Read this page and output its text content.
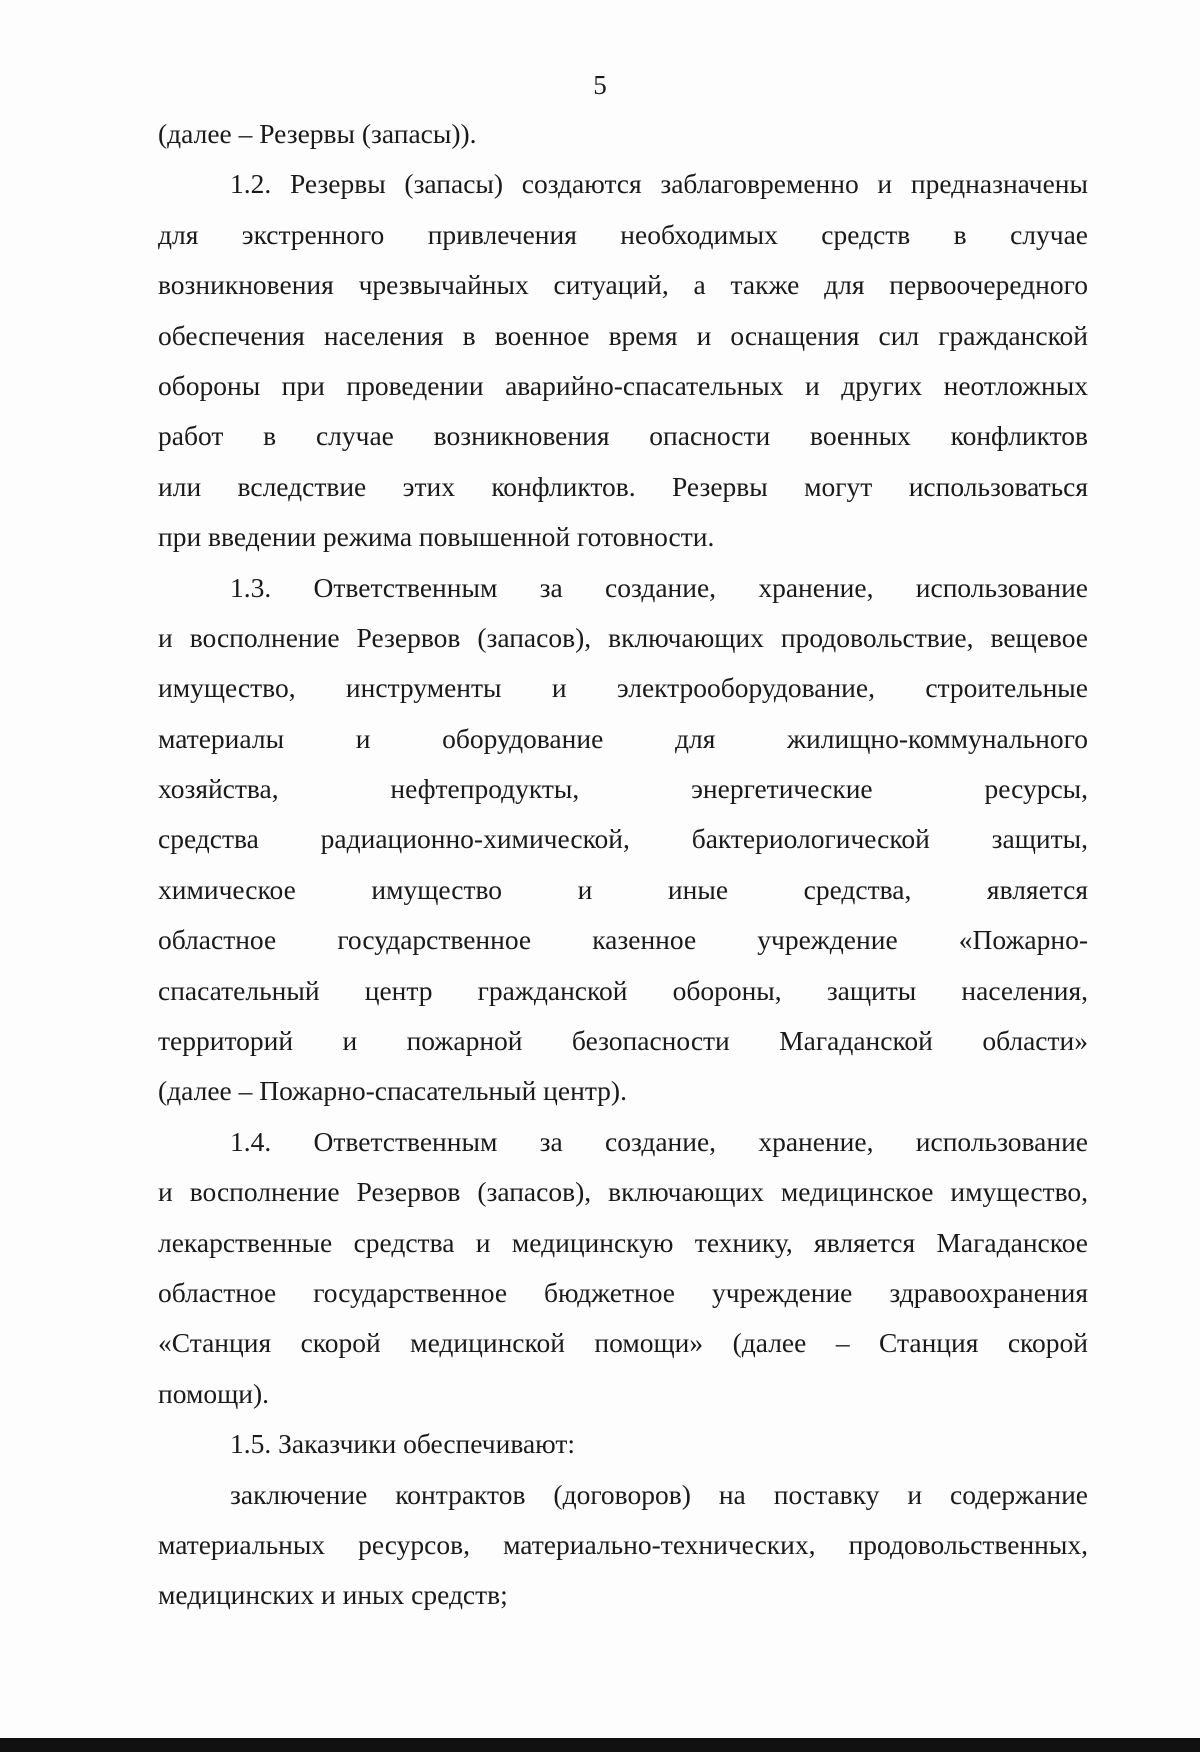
5
(далее – Резервы (запасы)).
1.2. Резервы (запасы) создаются заблаговременно и предназначены
для экстренного привлечения необходимых средств в случае
возникновения чрезвычайных ситуаций, а также для первоочередного
обеспечения населения в военное время и оснащения сил гражданской
обороны при проведении аварийно-спасательных и других неотложных
работ в случае возникновения опасности военных конфликтов
или вследствие этих конфликтов. Резервы могут использоваться
при введении режима повышенной готовности.
1.3. Ответственным за создание, хранение, использование
и восполнение Резервов (запасов), включающих продовольствие, вещевое
имущество, инструменты и электрооборудование, строительные
материалы и оборудование для жилищно-коммунального
хозяйства, нефтепродукты, энергетические ресурсы,
средства радиационно-химической, бактериологической защиты,
химическое имущество и иные средства, является
областное государственное казенное учреждение «Пожарно-
спасательный центр гражданской обороны, защиты населения,
территорий и пожарной безопасности Магаданской области»
(далее – Пожарно-спасательный центр).
1.4. Ответственным за создание, хранение, использование
и восполнение Резервов (запасов), включающих медицинское имущество,
лекарственные средства и медицинскую технику, является Магаданское
областное государственное бюджетное учреждение здравоохранения
«Станция скорой медицинской помощи» (далее – Станция скорой
помощи).
1.5. Заказчики обеспечивают:
заключение контрактов (договоров) на поставку и содержание
материальных ресурсов, материально-технических, продовольственных,
медицинских и иных средств;
